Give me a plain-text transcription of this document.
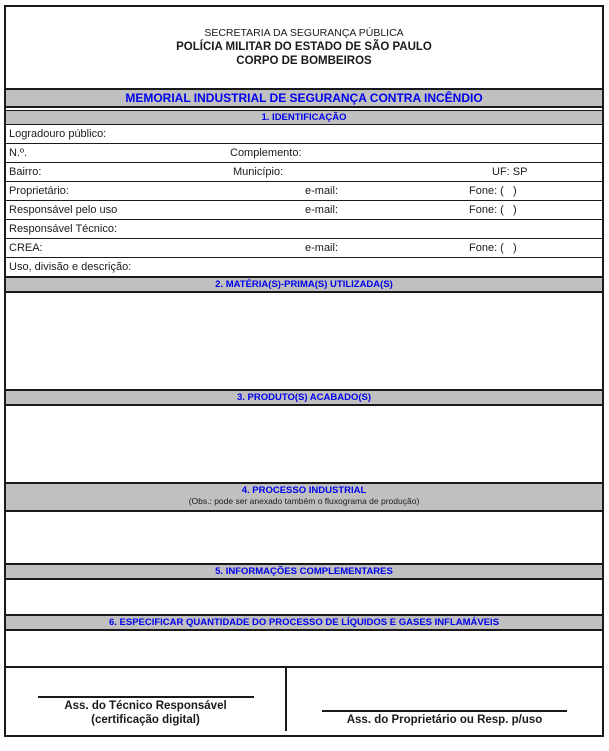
SECRETARIA DA SEGURANÇA PÚBLICA
POLÍCIA MILITAR DO ESTADO DE SÃO PAULO
CORPO DE BOMBEIROS
MEMORIAL INDUSTRIAL DE SEGURANÇA CONTRA INCÊNDIO
1. IDENTIFICAÇÃO
Logradouro público:
N.º.	Complemento:
Bairro:	Município:	UF: SP
Proprietário:	e-mail:	Fone: (   )
Responsável pelo uso	e-mail:	Fone: (   )
Responsável Técnico:
CREA:	e-mail:	Fone: (   )
Uso, divisão e descrição:
2. MATÉRIA(S)-PRIMA(S) UTILIZADA(S)
3. PRODUTO(S) ACABADO(S)
4. PROCESSO INDUSTRIAL
(Obs.: pode ser anexado também o fluxograma de produção)
5. INFORMAÇÕES COMPLEMENTARES
6. ESPECIFICAR QUANTIDADE DO PROCESSO DE LÍQUIDOS E GASES INFLAMÁVEIS
Ass. do Técnico Responsável
(certificação digital)	Ass. do Proprietário ou Resp. p/uso
